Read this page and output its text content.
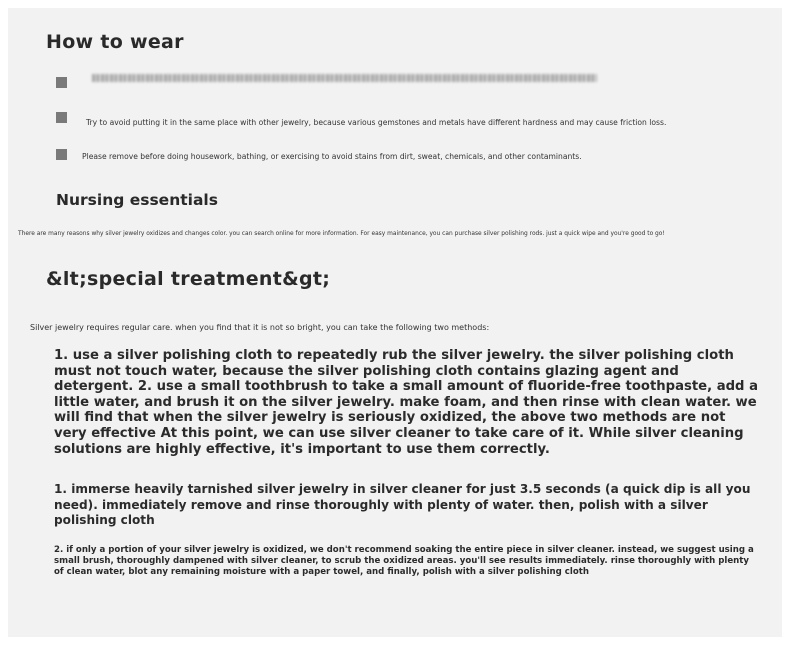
How to wear

Try to avoid putting it in the same place with other jewelry, because various gemstones and metals have different hardness and may cause friction loss.

Please remove before doing housework, bathing, or exercising to avoid stains from dirt, sweat, chemicals, and other contaminants.

Nursing essentials

There are many reasons why silver jewelry oxidizes and changes color. you can search online for more information. For easy maintenance, you can purchase silver polishing rods. just a quick wipe and you're good to go!

&lt;special treatment&gt;

Silver jewelry requires regular care. when you find that it is not so bright, you can take the following two methods:

1. use a silver polishing cloth to repeatedly rub the silver jewelry. the silver polishing cloth must not touch water, because the silver polishing cloth contains glazing agent and detergent. 2. use a small toothbrush to take a small amount of fluoride-free toothpaste, add a little water, and brush it on the silver jewelry. make foam, and then rinse with clean water. we will find that when the silver jewelry is seriously oxidized, the above two methods are not very effective At this point, we can use silver cleaner to take care of it. While silver cleaning solutions are highly effective, it's important to use them correctly.

1. immerse heavily tarnished silver jewelry in silver cleaner for just 3.5 seconds (a quick dip is all you need). immediately remove and rinse thoroughly with plenty of water. then, polish with a silver polishing cloth

2. if only a portion of your silver jewelry is oxidized, we don't recommend soaking the entire piece in silver cleaner. instead, we suggest using a small brush, thoroughly dampened with silver cleaner, to scrub the oxidized areas. you'll see results immediately. rinse thoroughly with plenty of clean water, blot any remaining moisture with a paper towel, and finally, polish with a silver polishing cloth
